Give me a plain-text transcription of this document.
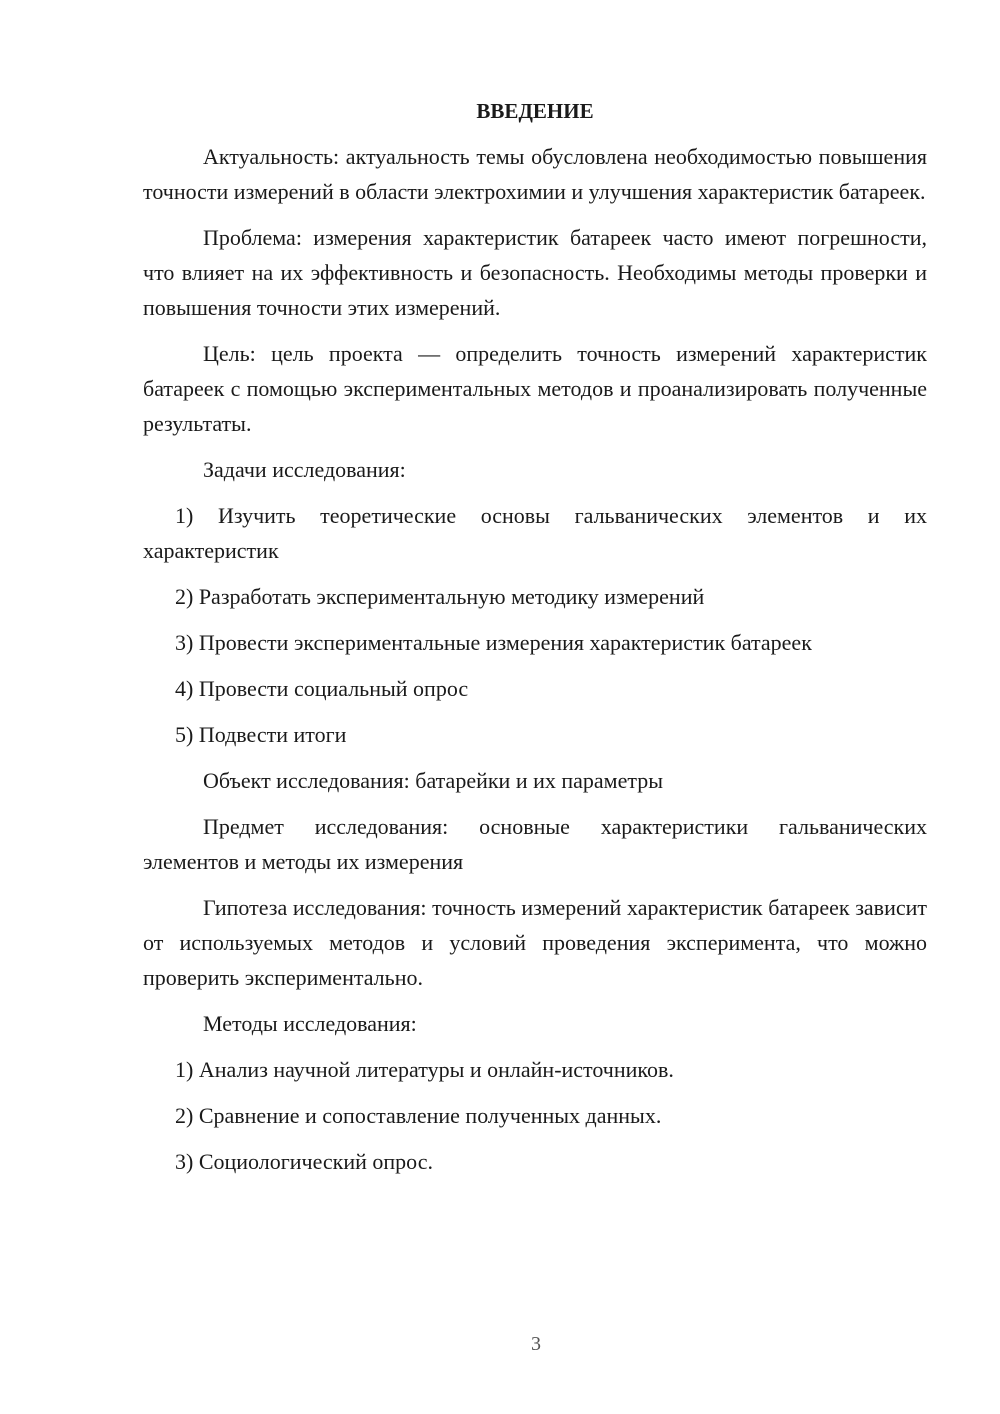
ВВЕДЕНИЕ
Актуальность: актуальность темы обусловлена необходимостью повышения точности измерений в области электрохимии и улучшения характеристик батареек.
Проблема: измерения характеристик батареек часто имеют погрешности, что влияет на их эффективность и безопасность. Необходимы методы проверки и повышения точности этих измерений.
Цель: цель проекта — определить точность измерений характеристик батареек с помощью экспериментальных методов и проанализировать полученные результаты.
Задачи исследования:
1) Изучить теоретические основы гальванических элементов и их характеристик
2) Разработать экспериментальную методику измерений
3) Провести экспериментальные измерения характеристик батареек
4) Провести социальный опрос
5) Подвести итоги
Объект исследования: батарейки и их параметры
Предмет исследования: основные характеристики гальванических элементов и методы их измерения
Гипотеза исследования: точность измерений характеристик батареек зависит от используемых методов и условий проведения эксперимента, что можно проверить экспериментально.
Методы исследования:
1) Анализ научной литературы и онлайн-источников.
2) Сравнение и сопоставление полученных данных.
3) Социологический опрос.
3
